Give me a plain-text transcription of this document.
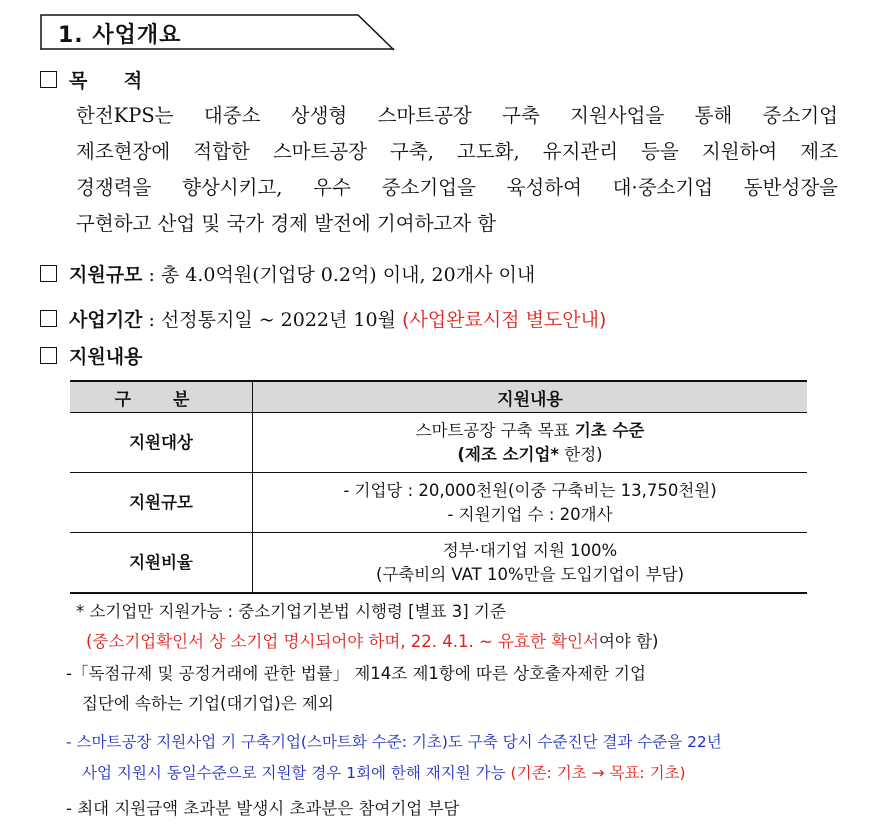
1. 사업개요
목    적
한전KPS는 대중소 상생형 스마트공장 구축 지원사업을 통해 중소기업
제조현장에 적합한 스마트공장 구축, 고도화, 유지관리 등을 지원하여 제조
경쟁력을 향상시키고, 우수 중소기업을 육성하여 대·중소기업 동반성장을
구현하고 산업 및 국가 경제 발전에 기여하고자 함
지원규모 : 총 4.0억원(기업당 0.2억) 이내, 20개사 이내
사업기간 : 선정통지일 ~ 2022년 10월 (사업완료시점 별도안내)
지원내용
구 분	지원내용
지원대상	스마트공장 구축 목표 기초 수준
(제조 소기업* 한정)

지원규모	- 기업당 : 20,000천원(이중 구축비는 13,750천원)
- 지원기업 수 : 20개사

지원비율	정부·대기업 지원 100%
(구축비의 VAT 10%만을 도입기업이 부담)
* 소기업만 지원가능 : 중소기업기본법 시행령 [별표 3] 기준
(중소기업확인서 상 소기업 명시되어야 하며, 22. 4.1. ~ 유효한 확인서여야 함)
-「독점규제 및 공정거래에 관한 법률」 제14조 제1항에 따른 상호출자제한 기업
집단에 속하는 기업(대기업)은 제외
- 스마트공장 지원사업 기 구축기업(스마트화 수준: 기초)도 구축 당시 수준진단 결과 수준을 22년
사업 지원시 동일수준으로 지원할 경우 1회에 한해 재지원 가능 (기존: 기초 → 목표: 기초)
- 최대 지원금액 초과분 발생시 초과분은 참여기업 부담
